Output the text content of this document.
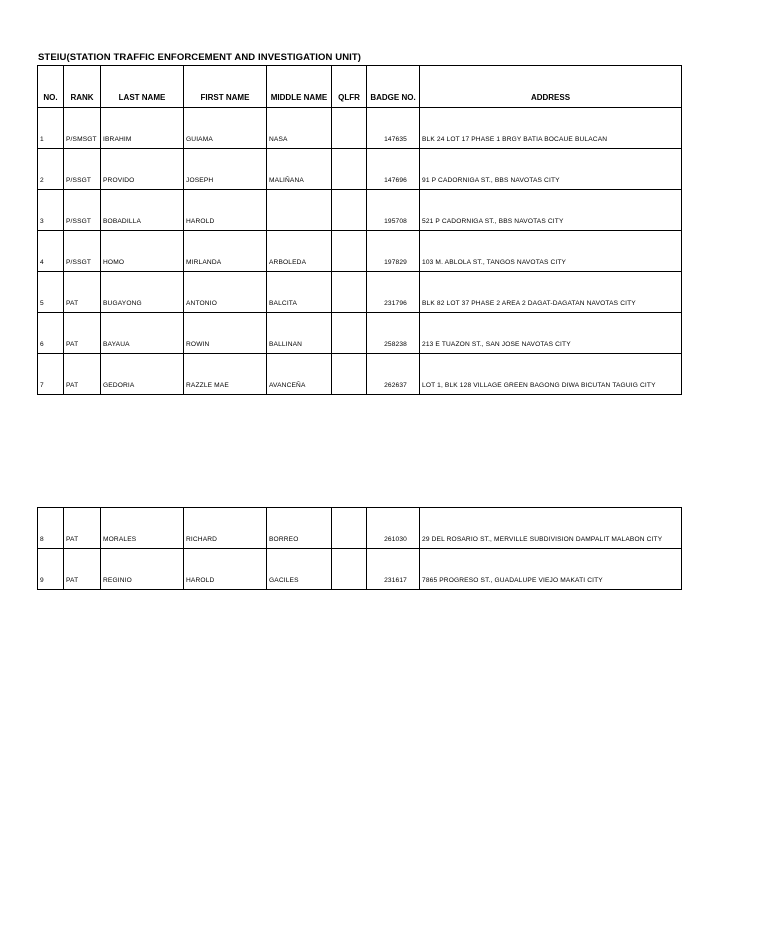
STEIU(STATION TRAFFIC ENFORCEMENT AND INVESTIGATION UNIT)
NO.	RANK	LAST NAME	FIRST NAME	MIDDLE NAME	QLFR	BADGE NO.	ADDRESS
1	P/SMSGT	IBRAHIM	GUIAMA	NASA		147635	BLK 24 LOT 17 PHASE 1 BRGY BATIA BOCAUE BULACAN
2	P/SSGT	PROVIDO	JOSEPH	MALIÑANA		147696	91 P CADORNIGA ST., BBS NAVOTAS CITY
3	P/SSGT	BOBADILLA	HAROLD			195708	521 P CADORNIGA ST., BBS NAVOTAS CITY
4	P/SSGT	HOMO	MIRLANDA	ARBOLEDA		197829	103 M. ABLOLA ST., TANGOS NAVOTAS CITY
5	PAT	BUGAYONG	ANTONIO	BALCITA		231796	BLK 82 LOT 37 PHASE 2 AREA 2 DAGAT-DAGATAN NAVOTAS CITY
6	PAT	BAYAUA	ROWIN	BALLINAN		258238	213 E TUAZON ST., SAN JOSE NAVOTAS CITY
7	PAT	GEDORIA	RAZZLE MAE	AVANCEÑA		262637	LOT 1, BLK 128 VILLAGE GREEN BAGONG DIWA BICUTAN TAGUIG CITY
8	PAT	MORALES	RICHARD	BORREO		261030	29 DEL ROSARIO ST., MERVILLE SUBDIVISION DAMPALIT MALABON CITY
9	PAT	REGINIO	HAROLD	GACILES		231617	7865 PROGRESO ST., GUADALUPE VIEJO MAKATI CITY
